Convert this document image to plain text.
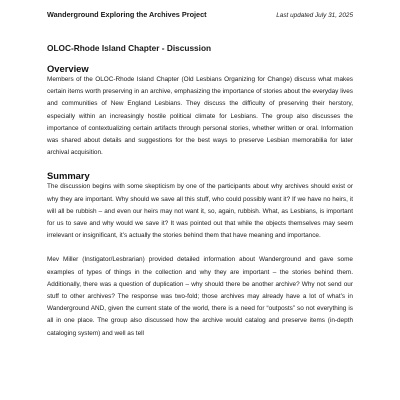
Wanderground Exploring the Archives Project	Last updated July 31, 2025
OLOC-Rhode Island Chapter - Discussion
Overview

Members of the OLOC-Rhode Island Chapter (Old Lesbians Organizing for Change) discuss what makes certain items worth preserving in an archive, emphasizing the importance of stories about the everyday lives and communities of New England Lesbians. They discuss the difficulty of preserving their herstory, especially within an increasingly hostile political climate for Lesbians. The group also discusses the importance of contextualizing certain artifacts through personal stories, whether written or oral. Information was shared about details and suggestions for the best ways to preserve Lesbian memorabilia for later archival acquisition.

Summary

The discussion begins with some skepticism by one of the participants about why archives should exist or why they are important. Why should we save all this stuff, who could possibly want it? If we have no heirs, it will all be rubbish – and even our heirs may not want it, so, again, rubbish. What, as Lesbians, is important for us to save and why would we save it? It was pointed out that while the objects themselves may seem irrelevant or insignificant, it’s actually the stories behind them that have meaning and importance.

Mev Miller (Instigator/Lesbrarian) provided detailed information about Wanderground and gave some examples of types of things in the collection and why they are important – the stories behind them. Additionally, there was a question of duplication – why should there be another archive? Why not send our stuff to other archives? The response was two-fold; those archives may already have a lot of what’s in Wanderground AND, given the current state of the world, there is a need for “outposts” so not everything is all in one place. The group also discussed how the archive would catalog and preserve items (in-depth cataloging system) and well as tell
